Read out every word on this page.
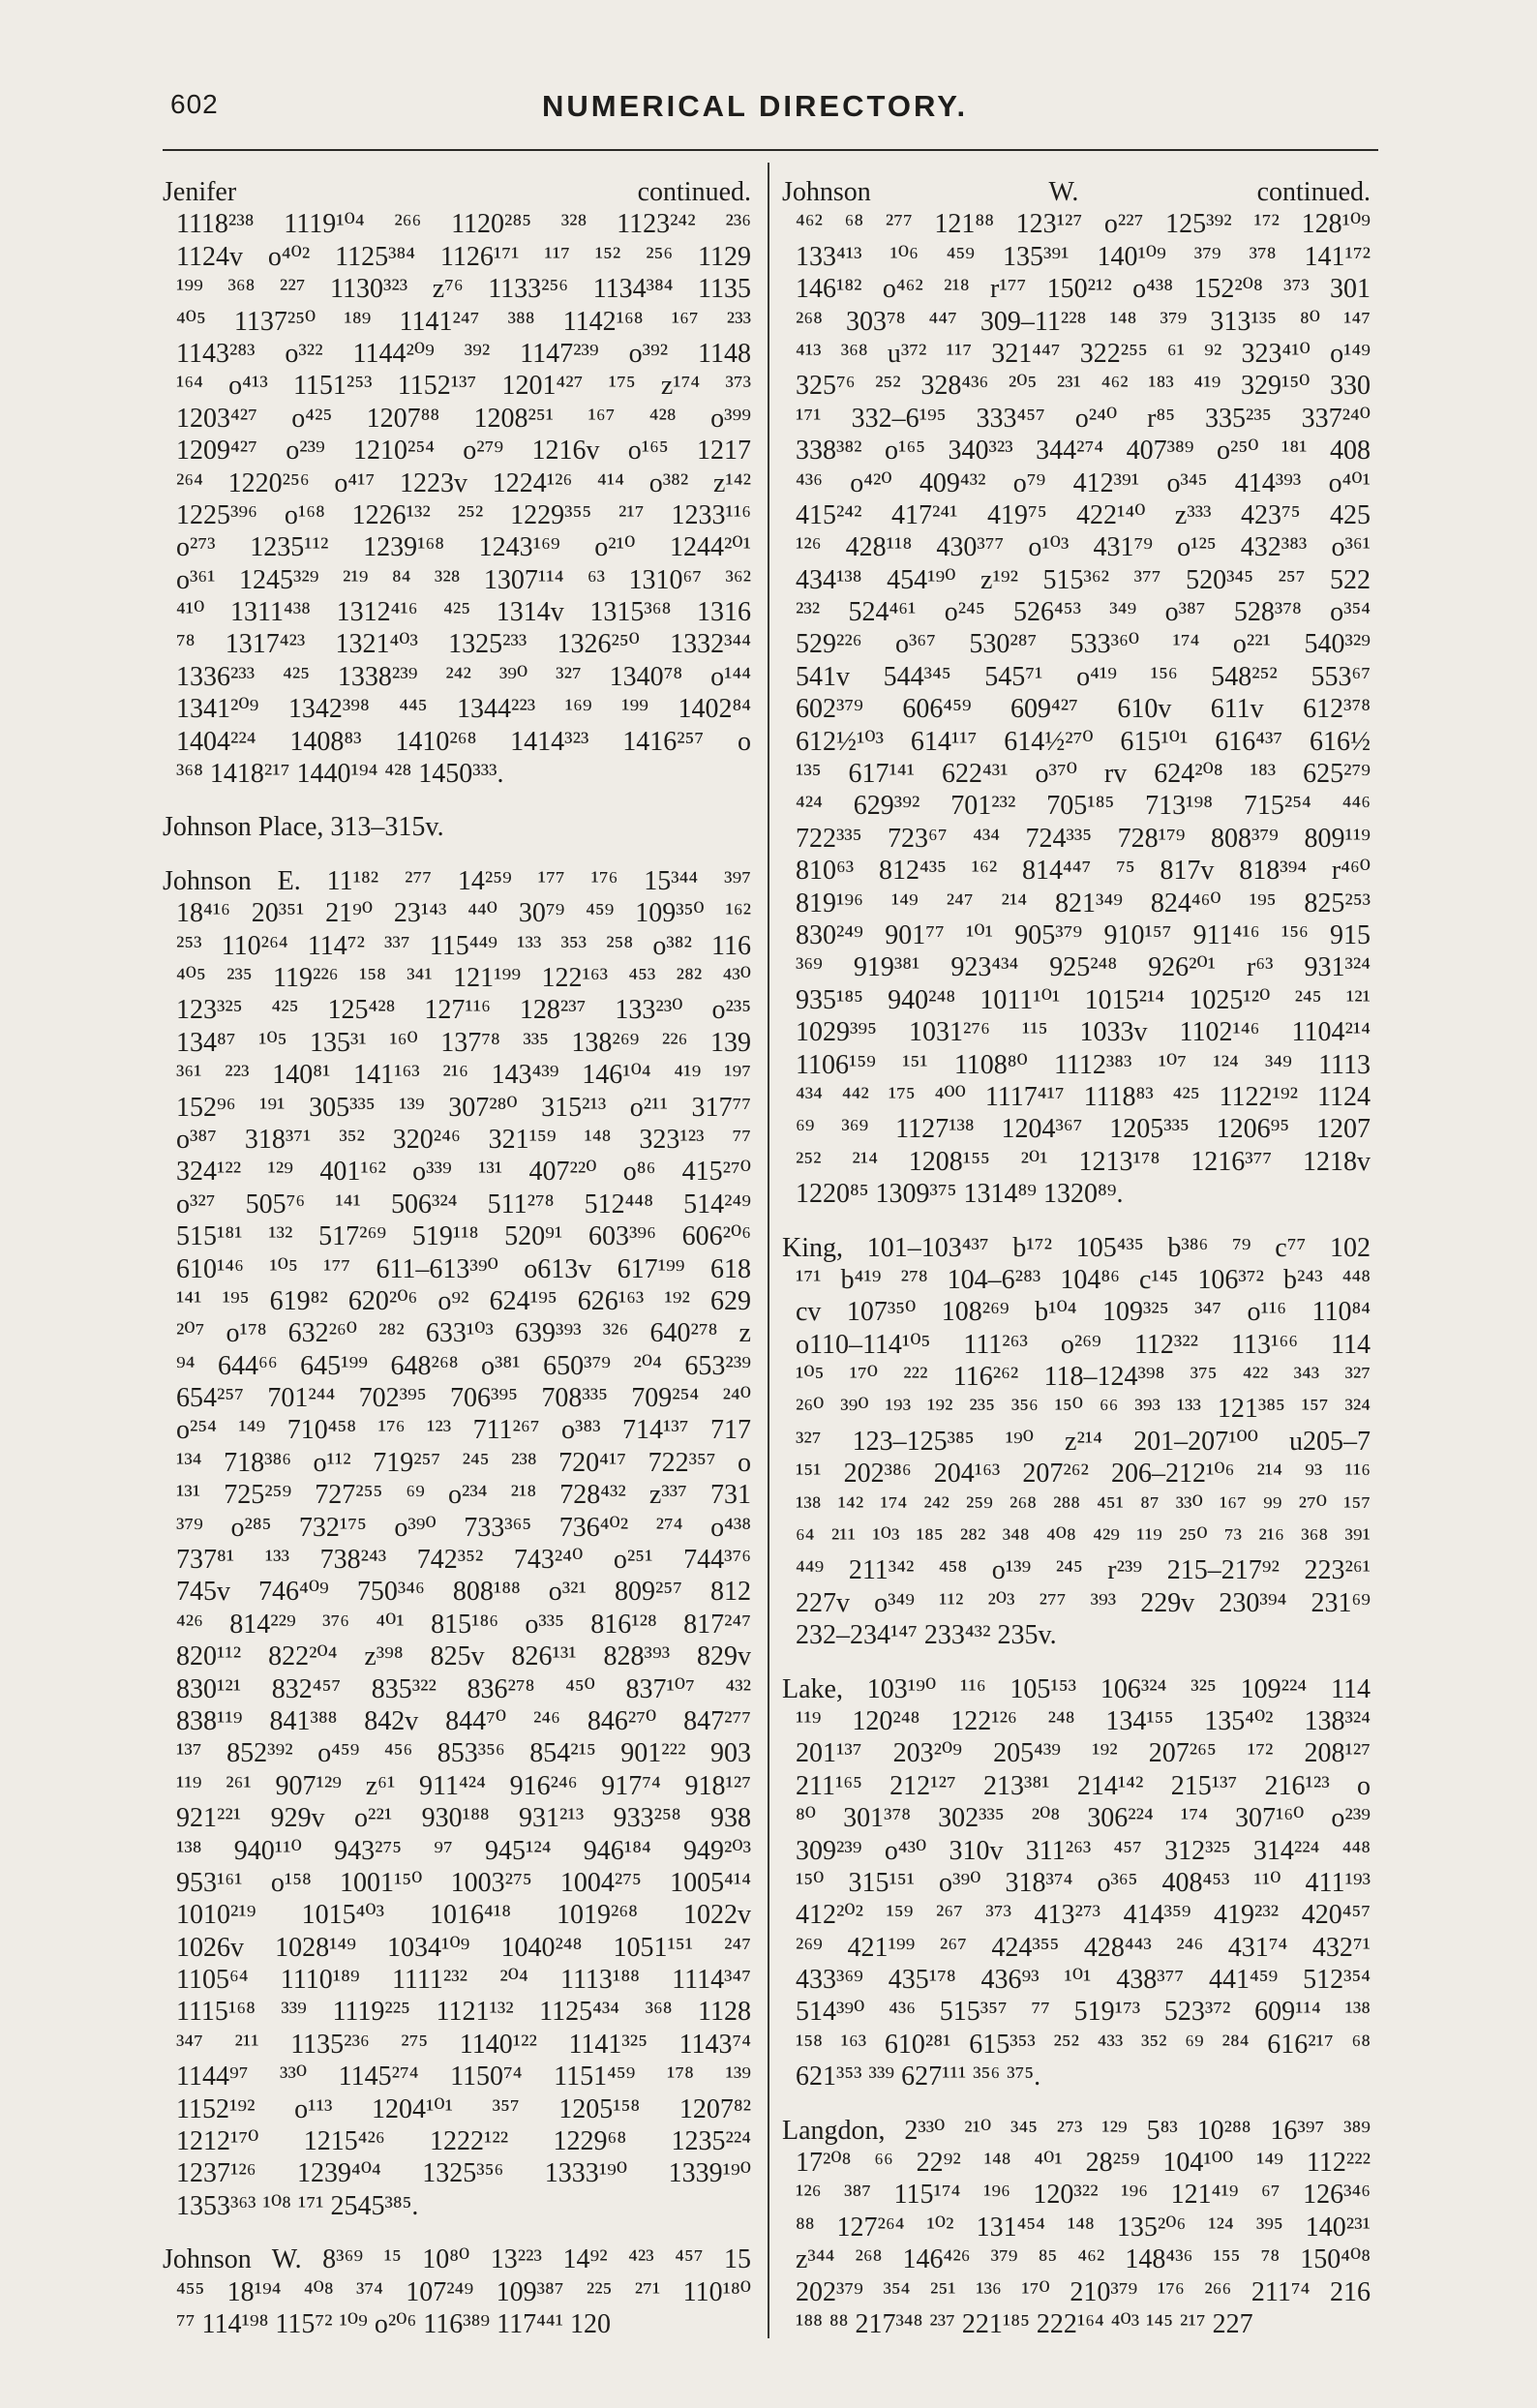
602	NUMERICAL DIRECTORY.
Jenifer continued.
1118²³⁸ 1119¹⁰⁴ ²⁶⁶ 1120²⁸⁵ ³²⁸ 1123²⁴² ²³⁶
1124v o⁴⁰² 1125³⁸⁴ 1126¹⁷¹ ¹¹⁷ ¹⁵² ²⁵⁶ 1129
¹⁹⁹ ³⁶⁸ ²²⁷ 1130³²³ z⁷⁶ 1133²⁵⁶ 1134³⁸⁴ 1135
⁴⁰⁵ 1137²⁵⁰ ¹⁸⁹ 1141²⁴⁷ ³⁸⁸ 1142¹⁶⁸ ¹⁶⁷ ²³³
1143²⁸³ o³²² 1144²⁰⁹ ³⁹² 1147²³⁹ o³⁹² 1148
¹⁶⁴ o⁴¹³ 1151²⁵³ 1152¹³⁷ 1201⁴²⁷ ¹⁷⁵ z¹⁷⁴ ³⁷³
1203⁴²⁷ o⁴²⁵ 1207⁸⁸ 1208²⁵¹ ¹⁶⁷ ⁴²⁸ o³⁹⁹
1209⁴²⁷ o²³⁹ 1210²⁵⁴ o²⁷⁹ 1216v o¹⁶⁵ 1217
²⁶⁴ 1220²⁵⁶ o⁴¹⁷ 1223v 1224¹²⁶ ⁴¹⁴ o³⁸² z¹⁴²
1225³⁹⁶ o¹⁶⁸ 1226¹³² ²⁵² 1229³⁵⁵ ²¹⁷ 1233¹¹⁶
o²⁷³ 1235¹¹² 1239¹⁶⁸ 1243¹⁶⁹ o²¹⁰ 1244²⁰¹
o³⁶¹ 1245³²⁹ ²¹⁹ ⁸⁴ ³²⁸ 1307¹¹⁴ ⁶³ 1310⁶⁷ ³⁶²
⁴¹⁰ 1311⁴³⁸ 1312⁴¹⁶ ⁴²⁵ 1314v 1315³⁶⁸ 1316
⁷⁸ 1317⁴²³ 1321⁴⁰³ 1325²³³ 1326²⁵⁰ 1332³⁴⁴
1336²³³ ⁴²⁵ 1338²³⁹ ²⁴² ³⁹⁰ ³²⁷ 1340⁷⁸ o¹⁴⁴
1341²⁰⁹ 1342³⁹⁸ ⁴⁴⁵ 1344²²³ ¹⁶⁹ ¹⁹⁹ 1402⁸⁴
1404²²⁴ 1408⁸³ 1410²⁶⁸ 1414³²³ 1416²⁵⁷ o
³⁶⁸ 1418²¹⁷ 1440¹⁹⁴ ⁴²⁸ 1450³³³.
Johnson Place, 313–315v.
Johnson E. 11¹⁸² ²⁷⁷ 14²⁵⁹ ¹⁷⁷ ¹⁷⁶ 15³⁴⁴ ³⁹⁷
18⁴¹⁶ 20³⁵¹ 21⁹⁰ 23¹⁴³ ⁴⁴⁰ 30⁷⁹ ⁴⁵⁹ 109³⁵⁰ ¹⁶²
²⁵³ 110²⁶⁴ 114⁷² ³³⁷ 115⁴⁴⁹ ¹³³ ³⁵³ ²⁵⁸ o³⁸² 116
⁴⁰⁵ ²³⁵ 119²²⁶ ¹⁵⁸ ³⁴¹ 121¹⁹⁹ 122¹⁶³ ⁴⁵³ ²⁸² ⁴³⁰
123³²⁵ ⁴²⁵ 125⁴²⁸ 127¹¹⁶ 128²³⁷ 133²³⁰ o²³⁵
134⁸⁷ ¹⁰⁵ 135³¹ ¹⁶⁰ 137⁷⁸ ³³⁵ 138²⁶⁹ ²²⁶ 139
³⁶¹ ²²³ 140⁸¹ 141¹⁶³ ²¹⁶ 143⁴³⁹ 146¹⁰⁴ ⁴¹⁹ ¹⁹⁷
152⁹⁶ ¹⁹¹ 305³³⁵ ¹³⁹ 307²⁸⁰ 315²¹³ o²¹¹ 317⁷⁷
o³⁸⁷ 318³⁷¹ ³⁵² 320²⁴⁶ 321¹⁵⁹ ¹⁴⁸ 323¹²³ ⁷⁷
324¹²² ¹²⁹ 401¹⁶² o³³⁹ ¹³¹ 407²²⁰ o⁸⁶ 415²⁷⁰
o³²⁷ 505⁷⁶ ¹⁴¹ 506³²⁴ 511²⁷⁸ 512⁴⁴⁸ 514²⁴⁹
515¹⁸¹ ¹³² 517²⁶⁹ 519¹¹⁸ 520⁹¹ 603³⁹⁶ 606²⁰⁶
610¹⁴⁶ ¹⁰⁵ ¹⁷⁷ 611–613³⁹⁰ o613v 617¹⁹⁹ 618
¹⁴¹ ¹⁹⁵ 619⁸² 620²⁰⁶ o⁹² 624¹⁹⁵ 626¹⁶³ ¹⁹² 629
²⁰⁷ o¹⁷⁸ 632²⁶⁰ ²⁸² 633¹⁰³ 639³⁹³ ³²⁶ 640²⁷⁸ z
⁹⁴ 644⁶⁶ 645¹⁹⁹ 648²⁶⁸ o³⁸¹ 650³⁷⁹ ²⁰⁴ 653²³⁹
654²⁵⁷ 701²⁴⁴ 702³⁹⁵ 706³⁹⁵ 708³³⁵ 709²⁵⁴ ²⁴⁰
o²⁵⁴ ¹⁴⁹ 710⁴⁵⁸ ¹⁷⁶ ¹²³ 711²⁶⁷ o³⁸³ 714¹³⁷ 717
¹³⁴ 718³⁸⁶ o¹¹² 719²⁵⁷ ²⁴⁵ ²³⁸ 720⁴¹⁷ 722³⁵⁷ o
¹³¹ 725²⁵⁹ 727²⁵⁵ ⁶⁹ o²³⁴ ²¹⁸ 728⁴³² z³³⁷ 731
³⁷⁹ o²⁸⁵ 732¹⁷⁵ o³⁹⁰ 733³⁶⁵ 736⁴⁰² ²⁷⁴ o⁴³⁸
737⁸¹ ¹³³ 738²⁴³ 742³⁵² 743²⁴⁰ o²⁵¹ 744³⁷⁶
745v 746⁴⁰⁹ 750³⁴⁶ 808¹⁸⁸ o³²¹ 809²⁵⁷ 812
⁴²⁶ 814²²⁹ ³⁷⁶ ⁴⁰¹ 815¹⁸⁶ o³³⁵ 816¹²⁸ 817²⁴⁷
820¹¹² 822²⁰⁴ z³⁹⁸ 825v 826¹³¹ 828³⁹³ 829v
830¹²¹ 832⁴⁵⁷ 835³²² 836²⁷⁸ ⁴⁵⁰ 837¹⁰⁷ ⁴³²
838¹¹⁹ 841³⁸⁸ 842v 844⁷⁰ ²⁴⁶ 846²⁷⁰ 847²⁷⁷
¹³⁷ 852³⁹² o⁴⁵⁹ ⁴⁵⁶ 853³⁵⁶ 854²¹⁵ 901²²² 903
¹¹⁹ ²⁶¹ 907¹²⁹ z⁶¹ 911⁴²⁴ 916²⁴⁶ 917⁷⁴ 918¹²⁷
921²²¹ 929v o²²¹ 930¹⁸⁸ 931²¹³ 933²⁵⁸ 938
¹³⁸ 940¹¹⁰ 943²⁷⁵ ⁹⁷ 945¹²⁴ 946¹⁸⁴ 949²⁰³
953¹⁶¹ o¹⁵⁸ 1001¹⁵⁰ 1003²⁷⁵ 1004²⁷⁵ 1005⁴¹⁴
1010²¹⁹ 1015⁴⁰³ 1016⁴¹⁸ 1019²⁶⁸ 1022v
1026v 1028¹⁴⁹ 1034¹⁰⁹ 1040²⁴⁸ 1051¹⁵¹ ²⁴⁷
1105⁶⁴ 1110¹⁸⁹ 1111²³² ²⁰⁴ 1113¹⁸⁸ 1114³⁴⁷
1115¹⁶⁸ ³³⁹ 1119²²⁵ 1121¹³² 1125⁴³⁴ ³⁶⁸ 1128
³⁴⁷ ²¹¹ 1135²³⁶ ²⁷⁵ 1140¹²² 1141³²⁵ 1143⁷⁴
1144⁹⁷ ³³⁰ 1145²⁷⁴ 1150⁷⁴ 1151⁴⁵⁹ ¹⁷⁸ ¹³⁹
1152¹⁹² o¹¹³ 1204¹⁰¹ ³⁵⁷ 1205¹⁵⁸ 1207⁸²
1212¹⁷⁰ 1215⁴²⁶ 1222¹²² 1229⁶⁸ 1235²²⁴
1237¹²⁶ 1239⁴⁰⁴ 1325³⁵⁶ 1333¹⁹⁰ 1339¹⁹⁰
1353³⁶³ ¹⁰⁸ ¹⁷¹ 2545³⁸⁵.
Johnson W. 8³⁶⁹ ¹⁵ 10⁸⁰ 13²²³ 14⁹² ⁴²³ ⁴⁵⁷ 15
⁴⁵⁵ 18¹⁹⁴ ⁴⁰⁸ ³⁷⁴ 107²⁴⁹ 109³⁸⁷ ²²⁵ ²⁷¹ 110¹⁸⁰
⁷⁷ 114¹⁹⁸ 115⁷² ¹⁰⁹ o²⁰⁶ 116³⁸⁹ 117⁴⁴¹ 120
Johnson W. continued.
⁴⁶² ⁶⁸ ²⁷⁷ 121⁸⁸ 123¹²⁷ o²²⁷ 125³⁹² ¹⁷² 128¹⁰⁹
133⁴¹³ ¹⁰⁶ ⁴⁵⁹ 135³⁹¹ 140¹⁰⁹ ³⁷⁹ ³⁷⁸ 141¹⁷²
146¹⁸² o⁴⁶² ²¹⁸ r¹⁷⁷ 150²¹² o⁴³⁸ 152²⁰⁸ ³⁷³ 301
²⁶⁸ 303⁷⁸ ⁴⁴⁷ 309–11²²⁸ ¹⁴⁸ ³⁷⁹ 313¹³⁵ ⁸⁰ ¹⁴⁷
⁴¹³ ³⁶⁸ u³⁷² ¹¹⁷ 321⁴⁴⁷ 322²⁵⁵ ⁶¹ ⁹² 323⁴¹⁰ o¹⁴⁹
325⁷⁶ ²⁵² 328⁴³⁶ ²⁰⁵ ²³¹ ⁴⁶² ¹⁸³ ⁴¹⁹ 329¹⁵⁰ 330
¹⁷¹ 332–6¹⁹⁵ 333⁴⁵⁷ o²⁴⁰ r⁸⁵ 335²³⁵ 337²⁴⁰
338³⁸² o¹⁶⁵ 340³²³ 344²⁷⁴ 407³⁸⁹ o²⁵⁰ ¹⁸¹ 408
⁴³⁶ o⁴²⁰ 409⁴³² o⁷⁹ 412³⁹¹ o³⁴⁵ 414³⁹³ o⁴⁰¹
415²⁴² 417²⁴¹ 419⁷⁵ 422¹⁴⁰ z³³³ 423⁷⁵ 425
¹²⁶ 428¹¹⁸ 430³⁷⁷ o¹⁰³ 431⁷⁹ o¹²⁵ 432³⁸³ o³⁶¹
434¹³⁸ 454¹⁹⁰ z¹⁹² 515³⁶² ³⁷⁷ 520³⁴⁵ ²⁵⁷ 522
²³² 524⁴⁶¹ o²⁴⁵ 526⁴⁵³ ³⁴⁹ o³⁸⁷ 528³⁷⁸ o³⁵⁴
529²²⁶ o³⁶⁷ 530²⁸⁷ 533³⁶⁰ ¹⁷⁴ o²²¹ 540³²⁹
541v 544³⁴⁵ 545⁷¹ o⁴¹⁹ ¹⁵⁶ 548²⁵² 553⁶⁷
602³⁷⁹ 606⁴⁵⁹ 609⁴²⁷ 610v 611v 612³⁷⁸
612½¹⁰³ 614¹¹⁷ 614½²⁷⁰ 615¹⁰¹ 616⁴³⁷ 616½
¹³⁵ 617¹⁴¹ 622⁴³¹ o³⁷⁰ rv 624²⁰⁸ ¹⁸³ 625²⁷⁹
⁴²⁴ 629³⁹² 701²³² 705¹⁸⁵ 713¹⁹⁸ 715²⁵⁴ ⁴⁴⁶
722³³⁵ 723⁶⁷ ⁴³⁴ 724³³⁵ 728¹⁷⁹ 808³⁷⁹ 809¹¹⁹
810⁶³ 812⁴³⁵ ¹⁶² 814⁴⁴⁷ ⁷⁵ 817v 818³⁹⁴ r⁴⁶⁰
819¹⁹⁶ ¹⁴⁹ ²⁴⁷ ²¹⁴ 821³⁴⁹ 824⁴⁶⁰ ¹⁹⁵ 825²⁵³
830²⁴⁹ 901⁷⁷ ¹⁰¹ 905³⁷⁹ 910¹⁵⁷ 911⁴¹⁶ ¹⁵⁶ 915
³⁶⁹ 919³⁸¹ 923⁴³⁴ 925²⁴⁸ 926²⁰¹ r⁶³ 931³²⁴
935¹⁸⁵ 940²⁴⁸ 1011¹⁰¹ 1015²¹⁴ 1025¹²⁰ ²⁴⁵ ¹²¹
1029³⁹⁵ 1031²⁷⁶ ¹¹⁵ 1033v 1102¹⁴⁶ 1104²¹⁴
1106¹⁵⁹ ¹⁵¹ 1108⁸⁰ 1112³⁸³ ¹⁰⁷ ¹²⁴ ³⁴⁹ 1113
⁴³⁴ ⁴⁴² ¹⁷⁵ ⁴⁰⁰ 1117⁴¹⁷ 1118⁸³ ⁴²⁵ 1122¹⁹² 1124
⁶⁹ ³⁶⁹ 1127¹³⁸ 1204³⁶⁷ 1205³³⁵ 1206⁹⁵ 1207
²⁵² ²¹⁴ 1208¹⁵⁵ ²⁰¹ 1213¹⁷⁸ 1216³⁷⁷ 1218v
1220⁸⁵ 1309³⁷⁵ 1314⁸⁹ 1320⁸⁹.
King, 101–103⁴³⁷ b¹⁷² 105⁴³⁵ b³⁸⁶ ⁷⁹ c⁷⁷ 102
¹⁷¹ b⁴¹⁹ ²⁷⁸ 104–6²⁸³ 104⁸⁶ c¹⁴⁵ 106³⁷² b²⁴³ ⁴⁴⁸
cv 107³⁵⁰ 108²⁶⁹ b¹⁰⁴ 109³²⁵ ³⁴⁷ o¹¹⁶ 110⁸⁴
o110–114¹⁰⁵ 111²⁶³ o²⁶⁹ 112³²² 113¹⁶⁶ 114
¹⁰⁵ ¹⁷⁰ ²²² 116²⁶² 118–124³⁹⁸ ³⁷⁵ ⁴²² ³⁴³ ³²⁷
²⁶⁰ ³⁹⁰ ¹⁹³ ¹⁹² ²³⁵ ³⁵⁶ ¹⁵⁰ ⁶⁶ ³⁹³ ¹³³ 121³⁸⁵ ¹⁵⁷ ³²⁴
³²⁷ 123–125³⁸⁵ ¹⁹⁰ z²¹⁴ 201–207¹⁰⁰ u205–7
¹⁵¹ 202³⁸⁶ 204¹⁶³ 207²⁶² 206–212¹⁰⁶ ²¹⁴ ⁹³ ¹¹⁶
¹³⁸ ¹⁴² ¹⁷⁴ ²⁴² ²⁵⁹ ²⁶⁸ ²⁸⁸ ⁴⁵¹ ⁸⁷ ³³⁰ ¹⁶⁷ ⁹⁹ ²⁷⁰ ¹⁵⁷
⁶⁴ ²¹¹ ¹⁰³ ¹⁸⁵ ²⁸² ³⁴⁸ ⁴⁰⁸ ⁴²⁹ ¹¹⁹ ²⁵⁰ ⁷³ ²¹⁶ ³⁶⁸ ³⁹¹
⁴⁴⁹ 211³⁴² ⁴⁵⁸ o¹³⁹ ²⁴⁵ r²³⁹ 215–217⁹² 223²⁶¹
227v o³⁴⁹ ¹¹² ²⁰³ ²⁷⁷ ³⁹³ 229v 230³⁹⁴ 231⁶⁹
232–234¹⁴⁷ 233⁴³² 235v.
Lake, 103¹⁹⁰ ¹¹⁶ 105¹⁵³ 106³²⁴ ³²⁵ 109²²⁴ 114
¹¹⁹ 120²⁴⁸ 122¹²⁶ ²⁴⁸ 134¹⁵⁵ 135⁴⁰² 138³²⁴
201¹³⁷ 203²⁰⁹ 205⁴³⁹ ¹⁹² 207²⁶⁵ ¹⁷² 208¹²⁷
211¹⁶⁵ 212¹²⁷ 213³⁸¹ 214¹⁴² 215¹³⁷ 216¹²³ o
⁸⁰ 301³⁷⁸ 302³³⁵ ²⁰⁸ 306²²⁴ ¹⁷⁴ 307¹⁶⁰ o²³⁹
309²³⁹ o⁴³⁰ 310v 311²⁶³ ⁴⁵⁷ 312³²⁵ 314²²⁴ ⁴⁴⁸
¹⁵⁰ 315¹⁵¹ o³⁹⁰ 318³⁷⁴ o³⁶⁵ 408⁴⁵³ ¹¹⁰ 411¹⁹³
412²⁰² ¹⁵⁹ ²⁶⁷ ³⁷³ 413²⁷³ 414³⁵⁹ 419²³² 420⁴⁵⁷
²⁶⁹ 421¹⁹⁹ ²⁶⁷ 424³⁵⁵ 428⁴⁴³ ²⁴⁶ 431⁷⁴ 432⁷¹
433³⁶⁹ 435¹⁷⁸ 436⁹³ ¹⁰¹ 438³⁷⁷ 441⁴⁵⁹ 512³⁵⁴
514³⁹⁰ ⁴³⁶ 515³⁵⁷ ⁷⁷ 519¹⁷³ 523³⁷² 609¹¹⁴ ¹³⁸
¹⁵⁸ ¹⁶³ 610²⁸¹ 615³⁵³ ²⁵² ⁴³³ ³⁵² ⁶⁹ ²⁸⁴ 616²¹⁷ ⁶⁸
621³⁵³ ³³⁹ 627¹¹¹ ³⁵⁶ ³⁷⁵.
Langdon, 2³³⁰ ²¹⁰ ³⁴⁵ ²⁷³ ¹²⁹ 5⁸³ 10²⁸⁸ 16³⁹⁷ ³⁸⁹
17²⁰⁸ ⁶⁶ 22⁹² ¹⁴⁸ ⁴⁰¹ 28²⁵⁹ 104¹⁰⁰ ¹⁴⁹ 112²²²
¹²⁶ ³⁸⁷ 115¹⁷⁴ ¹⁹⁶ 120³²² ¹⁹⁶ 121⁴¹⁹ ⁶⁷ 126³⁴⁶
⁸⁸ 127²⁶⁴ ¹⁰² 131⁴⁵⁴ ¹⁴⁸ 135²⁰⁶ ¹²⁴ ³⁹⁵ 140²³¹
z³⁴⁴ ²⁶⁸ 146⁴²⁶ ³⁷⁹ ⁸⁵ ⁴⁶² 148⁴³⁶ ¹⁵⁵ ⁷⁸ 150⁴⁰⁸
202³⁷⁹ ³⁵⁴ ²⁵¹ ¹³⁶ ¹⁷⁰ 210³⁷⁹ ¹⁷⁶ ²⁶⁶ 211⁷⁴ 216
¹⁸⁸ ⁸⁸ 217³⁴⁸ ²³⁷ 221¹⁸⁵ 222¹⁶⁴ ⁴⁰³ ¹⁴⁵ ²¹⁷ 227
